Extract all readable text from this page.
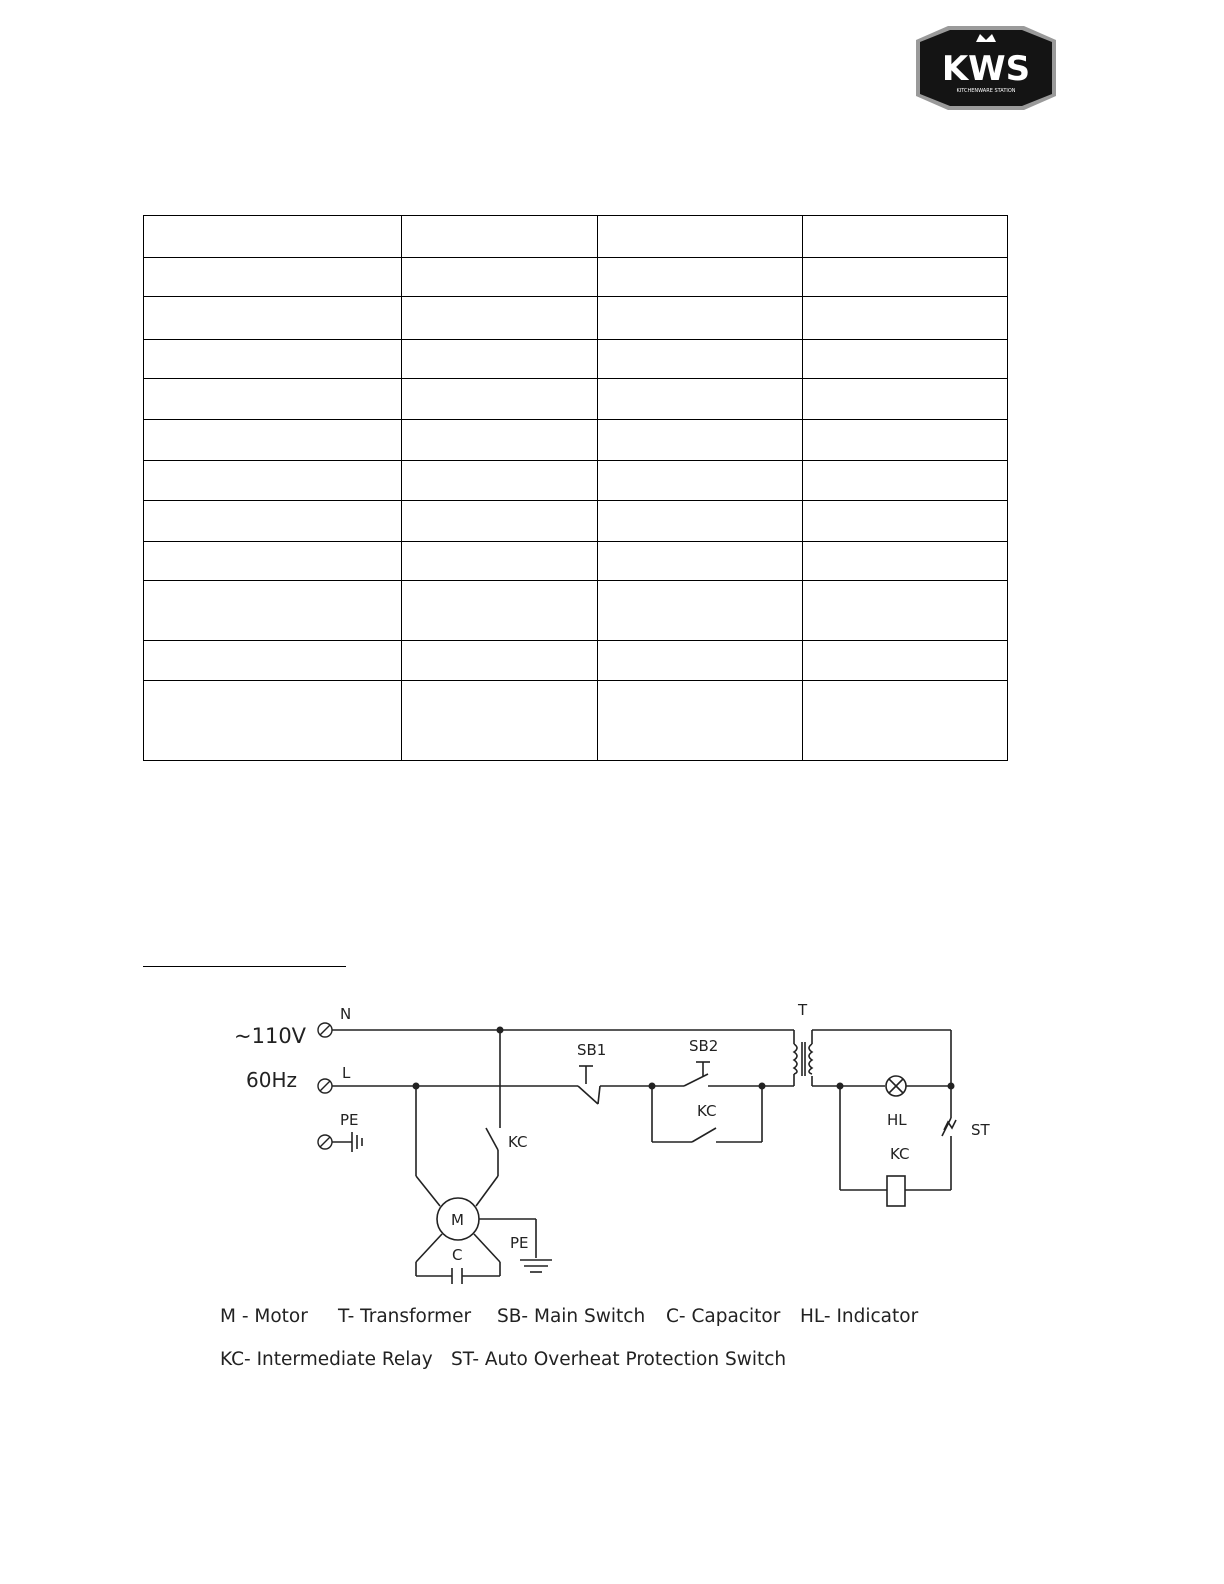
KWS
KITCHENWARE STATION

~110V
60Hz
N
L
PE
T
SB1	SB2
KC
KC
HL
KC
ST
M
C
PE
M - Motor T- Transformer SB- Main Switch C- Capacitor HL- Indicator
KC- Intermediate Relay ST- Auto Overheat Protection Switch
